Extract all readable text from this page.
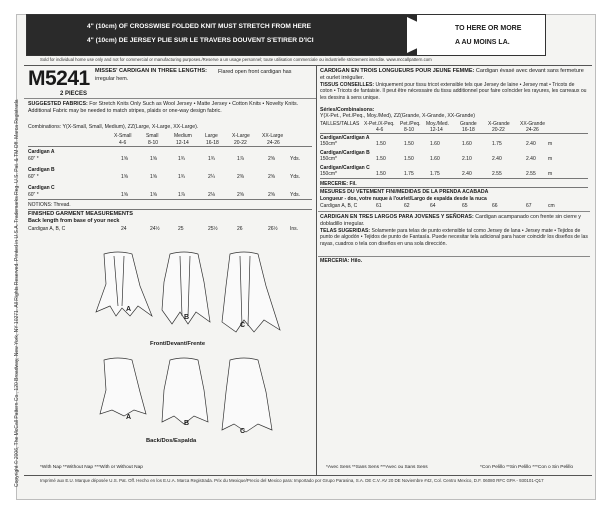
Copyright © 2006, The McCall Pattern Co., 120 Broadway, New York, NY 10271. All Rights Reserved. Printed in U.S.A. Trademarks Reg. U.S. Pat. & TM Off. Marca Registrada
4" (10cm) OF CROSSWISE FOLDED KNIT MUST STRETCH FROM HERE
4" (10cm) DE JERSEY PLIE SUR LE TRAVERS DOUVENT S'ETIRER D'ICI
TO HERE OR MORE
A AU MOINS LA.
Sold for individual home use only and not for commercial or manufacturing purposes./Reserve a un usage personnel; toute utilisation commerciale ou industrielle strictement interdite. www.mccallpattern.com
M5241
2 PIECES
MISSES' CARDIGAN IN THREE LENGTHS:	Flared open front cardigan has irregular hem.
SUGGESTED FABRICS: For Stretch Knits Only Such as Wool Jersey • Matte Jersey • Cotton Knits • Novelty Knits. Additional Fabric may be needed to match stripes, plaids or one-way design fabric.
Combinations: Y(X-Small, Small, Medium), ZZ(Large, X-Large, XX-Large).
X-Small	Small	Medium	Large	X-Large XX-Large
4-6	8-10	12-14	16-18	20-22	24-26
Cardigan A
60" *	1⅝	1⅝	1¾	1¾	1⅞	2⅝	Yds.
Cardigan B
60" *	1⅝	1⅝	1¾	2¼	2⅜	2⅝	Yds.
Cardigan C
60" *	1⅝	1⅝	1⅞	2⅛	2⅝	2⅝	Yds.
NOTIONS: Thread.
FINISHED GARMENT MEASUREMENTS
Back length from base of your neck
Cardigan A, B, C	24	24½	25	25½	26	26½ Ins.
A
B
C
Front/Devant/Frente
A
B
C
Back/Dos/Espalda
*With Nap **Without Nap ***With or Without Nap
CARDIGAN EN TROIS LONGUEURS POUR JEUNE FEMME: Cardigan évasé avec devant sans fermeture et ourlet irrégulier.
TISSUS CONSEILLES: Uniquement pour tissu tricot extensible tels que Jersey de laine • Jersey mat • Tricots de coton • Tricots de fantaisie. Il peut être nécessaire du tissu additionnel pour faire coïncider les rayures, les carreaux ou les dessins à sens unique.
Séries/Combinaisons:
Y(X-Pet., Pet./Peq., Moy./Med), ZZ(Grande, X-Grande, XX-Grande)
TAILLES/TALLAS X-Pet./X-Peq. Pet./Peq. Moy./Med. Grande X-Grande XX-Grande
4-6	8-10	12-14	16-18	20-22	24-26
Cardigan/Cardigan A
150cm*	1.50	1.50	1.60	1.60	1.75	2.40 m
Cardigan/Cardigan B
150cm*	1.50	1.50	1.60	2.10	2.40	2.40 m
Cardigan/Cardigan C
150cm*	1.50	1.75	1.75	2.40	2.55	2.55 m
MERCERIE: Fil.
MESURES DU VETEMENT FINI/MEDIDAS DE LA PRENDA ACABADA
Longueur - dos, votre nuque à l'ourlet/Largo de espalda desde la nuca
Cardigan A, B, C	61	62	64	65	66	67	cm
CARDIGAN EN TRES LARGOS PARA JOVENES Y SEÑORAS: Cardigan acampanado con frente sin cierre y dobladillo irregular.
TELAS SUGERIDAS: Solamente para telas de punto extensible tal como Jersey de lana • Jersey mate • Tejidos de punto de algodón • Tejidos de punto de Fantasía. Puede necesitar tela adicional para hacer coincidir los diseños de las rayas, cuadros o tela con diseños en una sola dirección.
MERCERIA: Hilo.
*Avec Sens **Sans Sens ***Avec ou Sans Sens	*Con Pelillo **Sin Pelillo ***Con o Sin Pelillo
Imprimé aux E.U. Marque déposée U.S. Pat. Off. Hecho en los E.U.A. Marca Registrada. Prix du Mexique/Precio del Mexico para: Importado por Grupo Parasina, S.A. DE C.V. AV 20 DE Noviembre #42, Col. Centro Mexico, D.F. 06080 RFC GPA - 930101-Q17
